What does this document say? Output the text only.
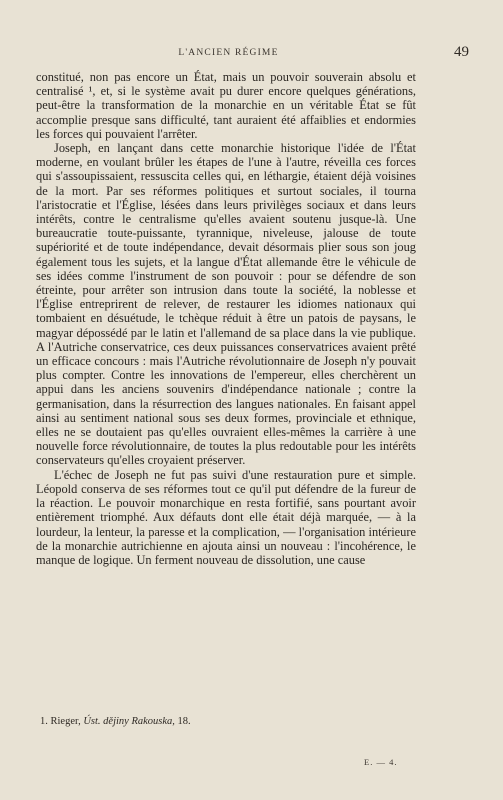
L'ANCIEN RÉGIME	49

constitué, non pas encore un État, mais un pouvoir souverain absolu et centralisé ¹, et, si le système avait pu durer encore quelques générations, peut-être la transformation de la monarchie en un véritable État se fût accomplie presque sans difficulté, tant auraient été affaiblies et endormies les forces qui pouvaient l'arrêter.

Joseph, en lançant dans cette monarchie historique l'idée de l'État moderne, en voulant brûler les étapes de l'une à l'autre, réveilla ces forces qui s'assoupissaient, ressuscita celles qui, en léthargie, étaient déjà voisines de la mort. Par ses réformes politiques et surtout sociales, il tourna l'aristocratie et l'Église, lésées dans leurs privilèges sociaux et dans leurs intérêts, contre le centralisme qu'elles avaient soutenu jusque-là. Une bureaucratie toute-puissante, tyrannique, niveleuse, jalouse de toute supériorité et de toute indépendance, devait désormais plier sous son joug également tous les sujets, et la langue d'État allemande être le véhicule de ses idées comme l'instrument de son pouvoir : pour se défendre de son étreinte, pour arrêter son intrusion dans toute la société, la noblesse et l'Église entreprirent de relever, de restaurer les idiomes nationaux qui tombaient en désuétude, le tchèque réduit à être un patois de paysans, le magyar dépossédé par le latin et l'allemand de sa place dans la vie publique. A l'Autriche conservatrice, ces deux puissances conservatrices avaient prêté un efficace concours : mais l'Autriche révolutionnaire de Joseph n'y pouvait plus compter. Contre les innovations de l'empereur, elles cherchèrent un appui dans les anciens souvenirs d'indépendance nationale ; contre la germanisation, dans la résurrection des langues nationales. En faisant appel ainsi au sentiment national sous ses deux formes, provinciale et ethnique, elles ne se doutaient pas qu'elles ouvraient elles-mêmes la carrière à une nouvelle force révolutionnaire, de toutes la plus redoutable pour les intérêts conservateurs qu'elles croyaient préserver.

L'échec de Joseph ne fut pas suivi d'une restauration pure et simple. Léopold conserva de ses réformes tout ce qu'il put défendre de la fureur de la réaction. Le pouvoir monarchique en resta fortifié, sans pourtant avoir entièrement triomphé. Aux défauts dont elle était déjà marquée, — à la lourdeur, la lenteur, la paresse et la complication, — l'organisation intérieure de la monarchie autrichienne en ajouta ainsi un nouveau : l'incohérence, le manque de logique. Un ferment nouveau de dissolution, une cause

1. Rieger, Úst. dějiny Rakouska, 18.
E. — 4.
